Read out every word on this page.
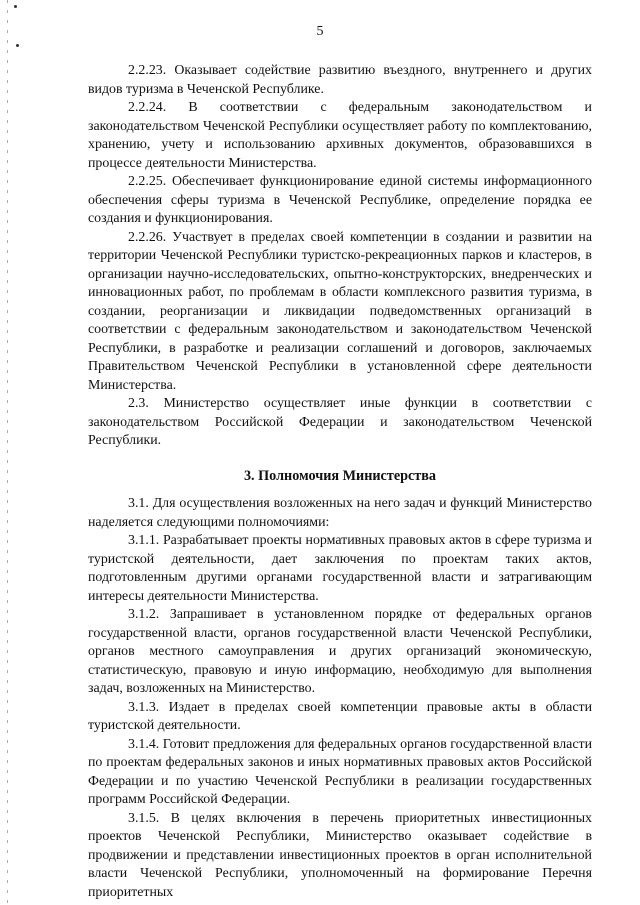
5

2.2.23. Оказывает содействие развитию въездного, внутреннего и других видов туризма в Чеченской Республике.

2.2.24. В соответствии с федеральным законодательством и законодательством Чеченской Республики осуществляет работу по комплектованию, хранению, учету и использованию архивных документов, образовавшихся в процессе деятельности Министерства.

2.2.25. Обеспечивает функционирование единой системы информационного обеспечения сферы туризма в Чеченской Республике, определение порядка ее создания и функционирования.

2.2.26. Участвует в пределах своей компетенции в создании и развитии на территории Чеченской Республики туристско-рекреационных парков и кластеров, в организации научно-исследовательских, опытно-конструкторских, внедренческих и инновационных работ, по проблемам в области комплексного развития туризма, в создании, реорганизации и ликвидации подведомственных организаций в соответствии с федеральным законодательством и законодательством Чеченской Республики, в разработке и реализации соглашений и договоров, заключаемых Правительством Чеченской Республики в установленной сфере деятельности Министерства.

2.3. Министерство осуществляет иные функции в соответствии с законодательством Российской Федерации и законодательством Чеченской Республики.

3. Полномочия Министерства

3.1. Для осуществления возложенных на него задач и функций Министерство наделяется следующими полномочиями:

3.1.1. Разрабатывает проекты нормативных правовых актов в сфере туризма и туристской деятельности, дает заключения по проектам таких актов, подготовленным другими органами государственной власти и затрагивающим интересы деятельности Министерства.

3.1.2. Запрашивает в установленном порядке от федеральных органов государственной власти, органов государственной власти Чеченской Республики, органов местного самоуправления и других организаций экономическую, статистическую, правовую и иную информацию, необходимую для выполнения задач, возложенных на Министерство.

3.1.3. Издает в пределах своей компетенции правовые акты в области туристской деятельности.

3.1.4. Готовит предложения для федеральных органов государственной власти по проектам федеральных законов и иных нормативных правовых актов Российской Федерации и по участию Чеченской Республики в реализации государственных программ Российской Федерации.

3.1.5. В целях включения в перечень приоритетных инвестиционных проектов Чеченской Республики, Министерство оказывает содействие в продвижении и представлении инвестиционных проектов в орган исполнительной власти Чеченской Республики, уполномоченный на формирование Перечня приоритетных
